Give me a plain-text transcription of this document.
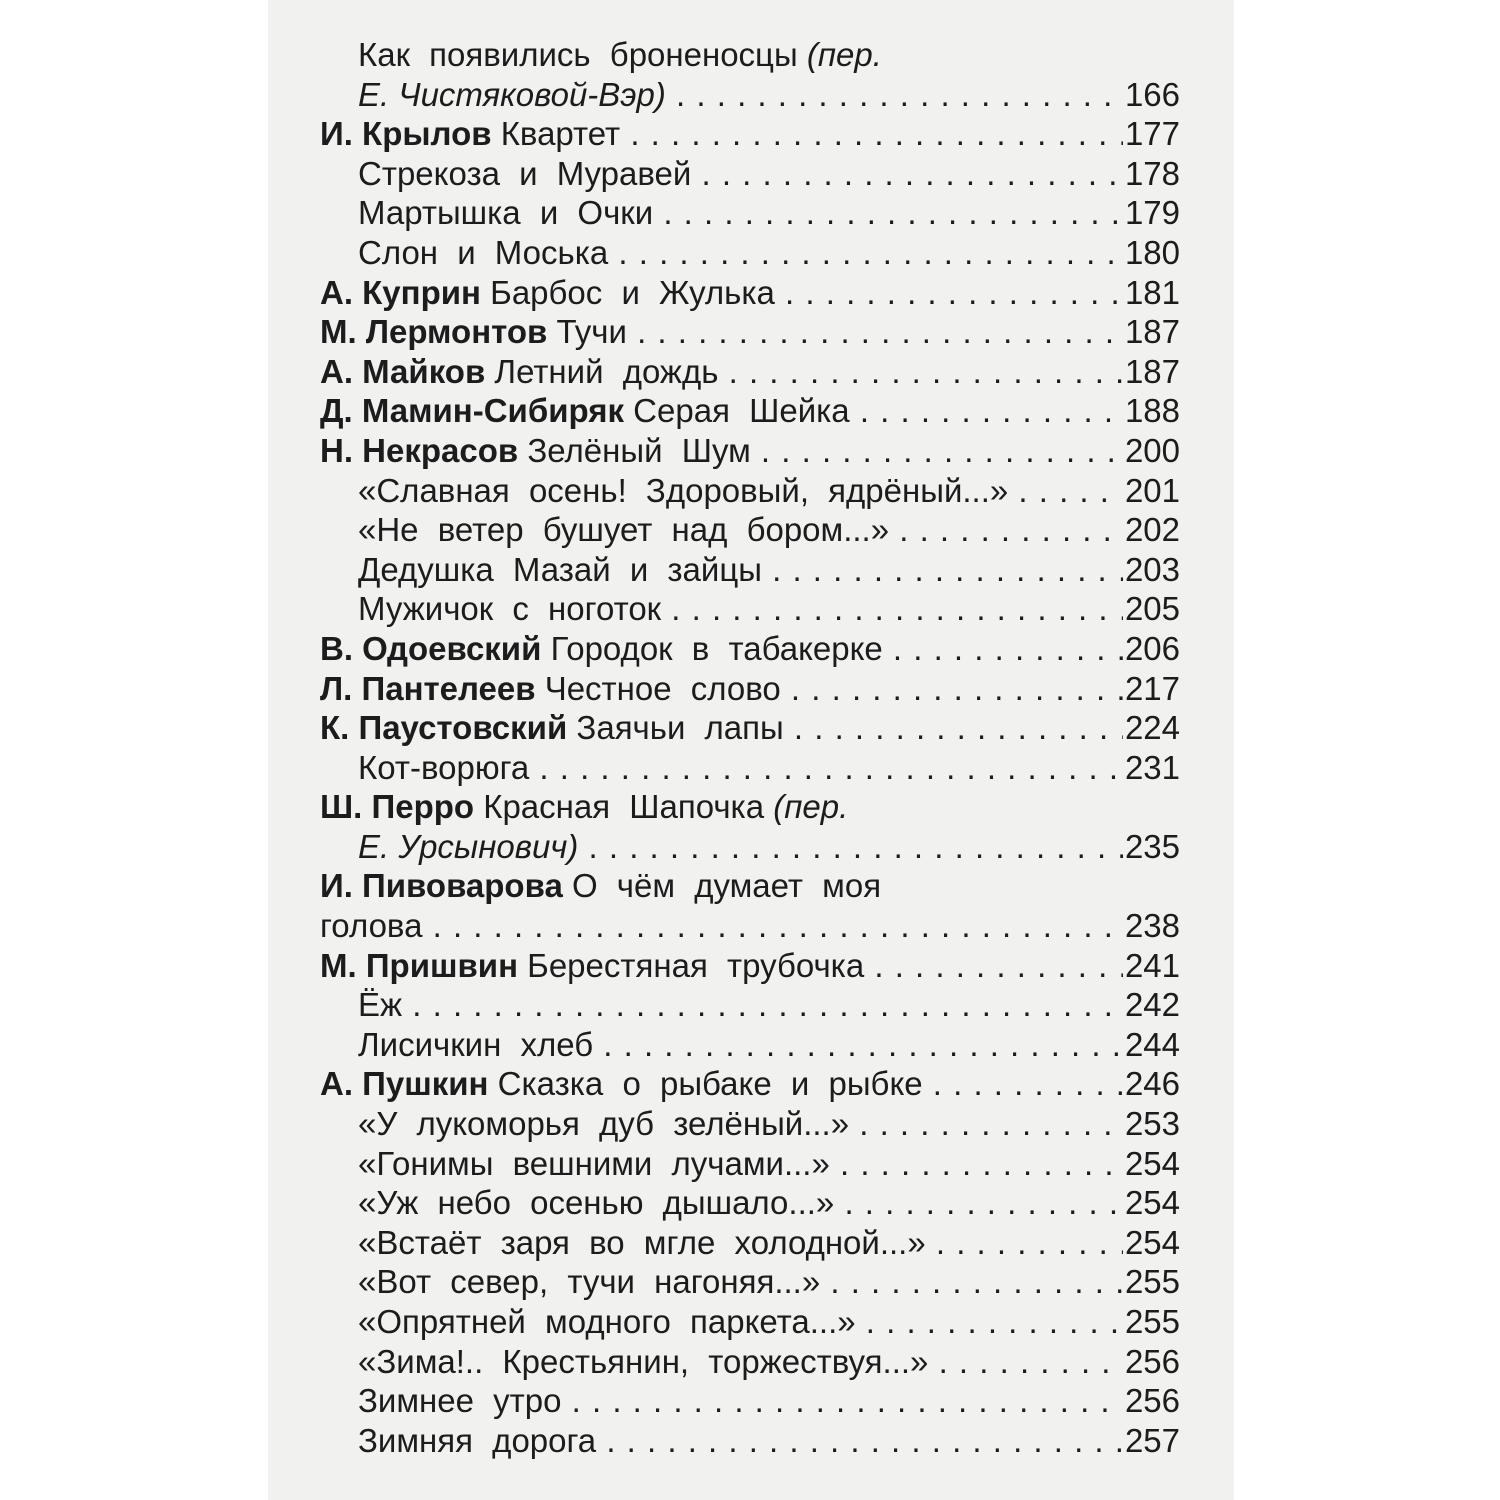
Как появились броненосцы (пер.
Е. Чистяковой-Вэр) . . .	166
И. Крылов Квартет . . .	177
Стрекоза и Муравей . . .	178
Мартышка и Очки . . .	179
Слон и Моська . . .	180
А. Куприн Барбос и Жулька . . .	181
М. Лермонтов Тучи . . .	187
А. Майков Летний дождь . . .	187
Д. Мамин-Сибиряк Серая Шейка . . .	188
Н. Некрасов Зелёный Шум . . .	200
«Славная осень! Здоровый, ядрёный...» . . .	201
«Не ветер бушует над бором...» . . .	202
Дедушка Мазай и зайцы . . .	203
Мужичок с ноготок . . .	205
В. Одоевский Городок в табакерке . . .	206
Л. Пантелеев Честное слово . . .	217
К. Паустовский Заячьи лапы . . .	224
Кот-ворюга . . .	231
Ш. Перро Красная Шапочка (пер.
Е. Урсынович) . . .	235
И. Пивоварова О чём думает моя
голова . . .	238
М. Пришвин Берестяная трубочка . . .	241
Ёж . . .	242
Лисичкин хлеб . . .	244
А. Пушкин Сказка о рыбаке и рыбке . . .	246
«У лукоморья дуб зелёный...» . . .	253
«Гонимы вешними лучами...» . . .	254
«Уж небо осенью дышало...» . . .	254
«Встаёт заря во мгле холодной...» . . .	254
«Вот север, тучи нагоняя...» . . .	255
«Опрятней модного паркета...» . . .	255
«Зима!.. Крестьянин, торжествуя...» . . .	256
Зимнее утро . . .	256
Зимняя дорога . . .	257
